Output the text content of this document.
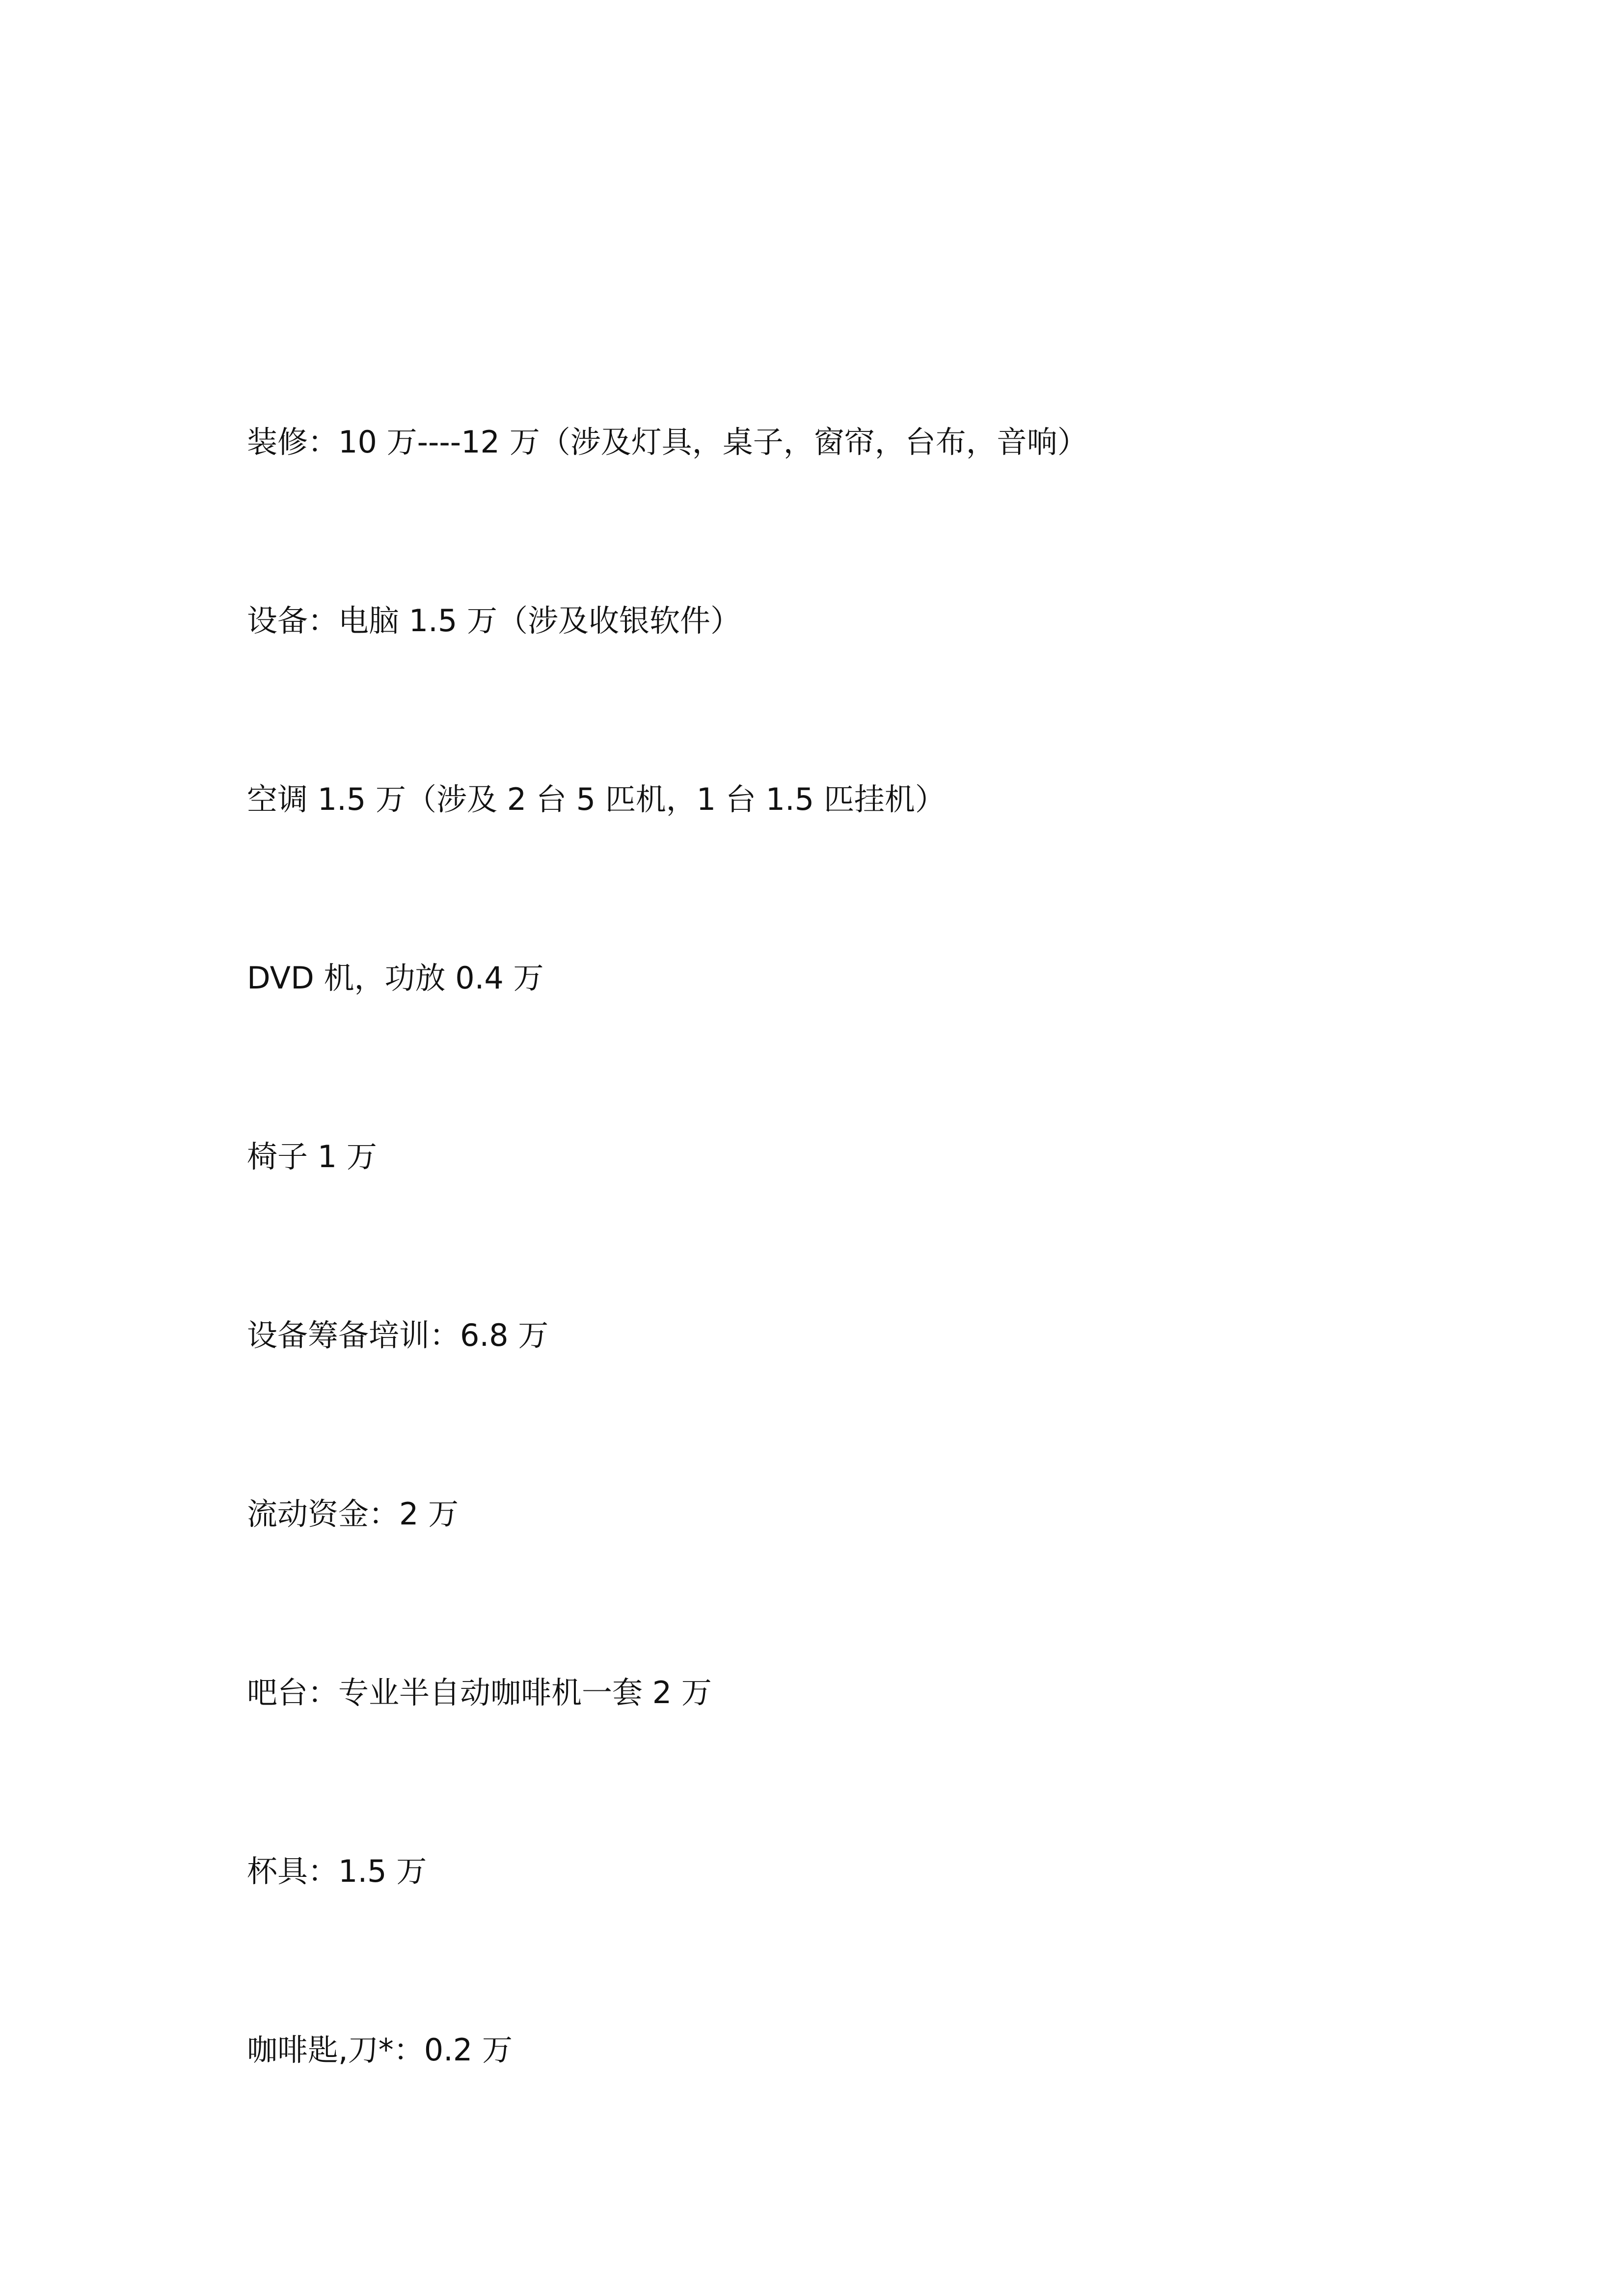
装修：10 万----12 万（涉及灯具，桌子，窗帘，台布，音响）
设备：电脑 1.5 万（涉及收银软件）
空调 1.5 万（涉及 2 台 5 匹机，1 台 1.5 匹挂机）
DVD 机，功放 0.4 万
椅子 1 万
设备筹备培训：6.8 万
流动资金：2 万
吧台：专业半自动咖啡机一套 2 万
杯具：1.5 万
咖啡匙,刀*：0.2 万
